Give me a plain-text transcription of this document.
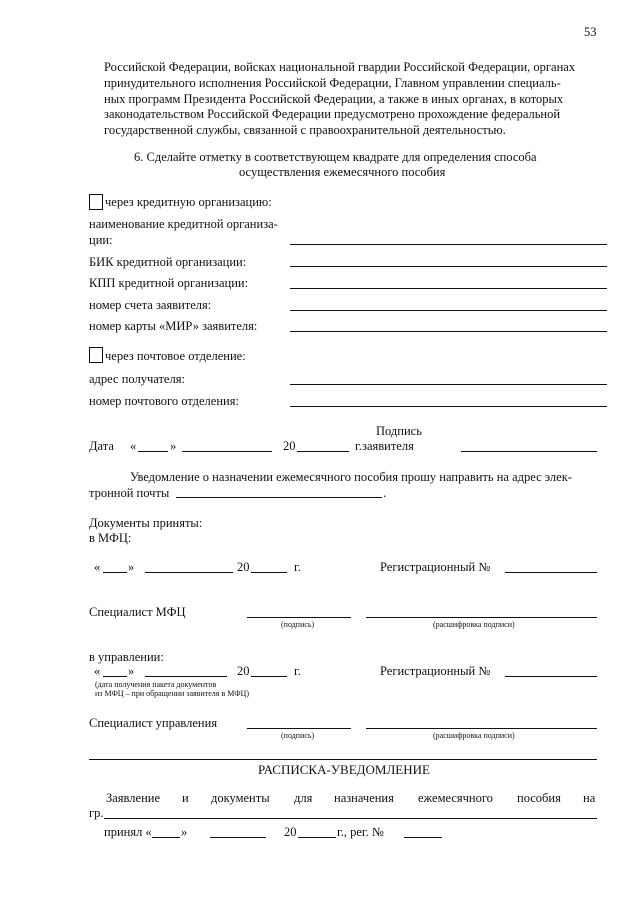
53
Российской Федерации, войсках национальной гвардии Российской Федерации, органах
принудительного исполнения Российской Федерации, Главном управлении специаль-
ных программ Президента Российской Федерации, а также в иных органах, в которых
законодательством Российской Федерации предусмотрено прохождение федеральной
государственной службы, связанной с правоохранительной деятельностью.
6. Сделайте отметку в соответствующем квадрате для определения способа
осуществления ежемесячного пособия
через кредитную организацию:
наименование кредитной организа-
ции:
БИК кредитной организации:
КПП кредитной организации:
номер счета заявителя:
номер карты «МИР» заявителя:
через почтовое отделение:
адрес получателя:
номер почтового отделения:
Дата «	»	20	г.
Подпись
заявителя
Уведомление о назначении ежемесячного пособия прошу направить на адрес элек-
тронной почты	.
Документы приняты:
в МФЦ:
« »	20	г.	Регистрационный №
Специалист МФЦ
(подпись)	(расшифровка подписи)
в управлении:
« »	20	г.	Регистрационный №
(дата получения пакета документов
из МФЦ – при обращении заявителя в МФЦ)
Специалист управления
(подпись)	(расшифровка подписи)
РАСПИСКА-УВЕДОМЛЕНИЕ
Заявление и документы для назначения ежемесячного пособия на
гр.
принял « »	20	г., рег. №
